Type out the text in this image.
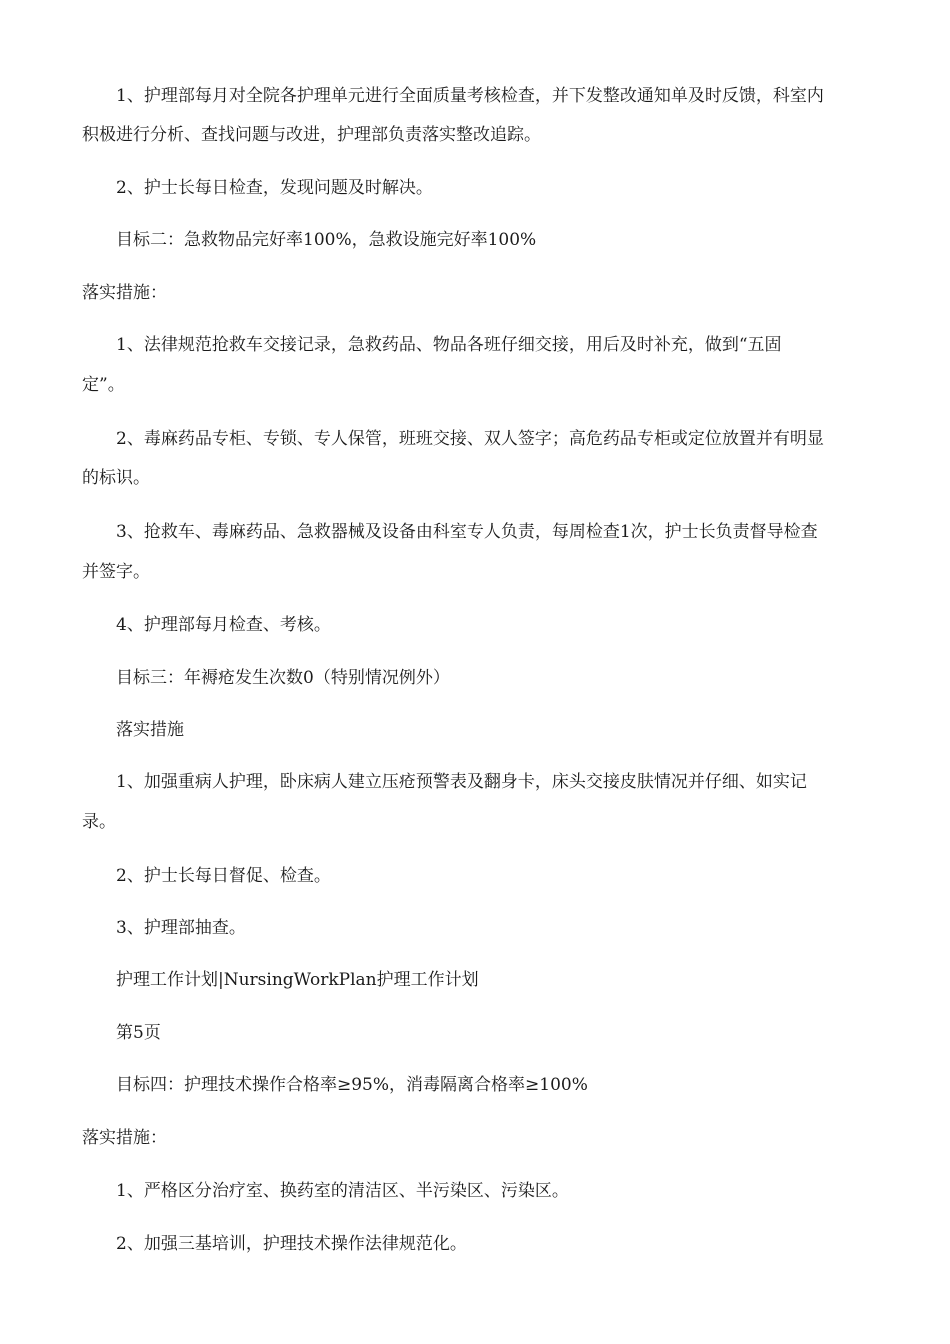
1、护理部每月对全院各护理单元进行全面质量考核检查，并下发整改通知单及时反馈，科室内

积极进行分析、查找问题与改进，护理部负责落实整改追踪。

2、护士长每日检查，发现问题及时解决。

目标二：急救物品完好率100%，急救设施完好率100%

落实措施：

1、法律规范抢救车交接记录，急救药品、物品各班仔细交接，用后及时补充，做到“五固

定”。

2、毒麻药品专柜、专锁、专人保管，班班交接、双人签字；高危药品专柜或定位放置并有明显

的标识。

3、抢救车、毒麻药品、急救器械及设备由科室专人负责，每周检查1次，护士长负责督导检查

并签字。

4、护理部每月检查、考核。

目标三：年褥疮发生次数0（特别情况例外）

落实措施

1、加强重病人护理，卧床病人建立压疮预警表及翻身卡，床头交接皮肤情况并仔细、如实记

录。

2、护士长每日督促、检查。

3、护理部抽查。

护理工作计划|NursingWorkPlan护理工作计划

第5页

目标四：护理技术操作合格率≥95%，消毒隔离合格率≥100%

落实措施：

1、严格区分治疗室、换药室的清洁区、半污染区、污染区。

2、加强三基培训，护理技术操作法律规范化。
